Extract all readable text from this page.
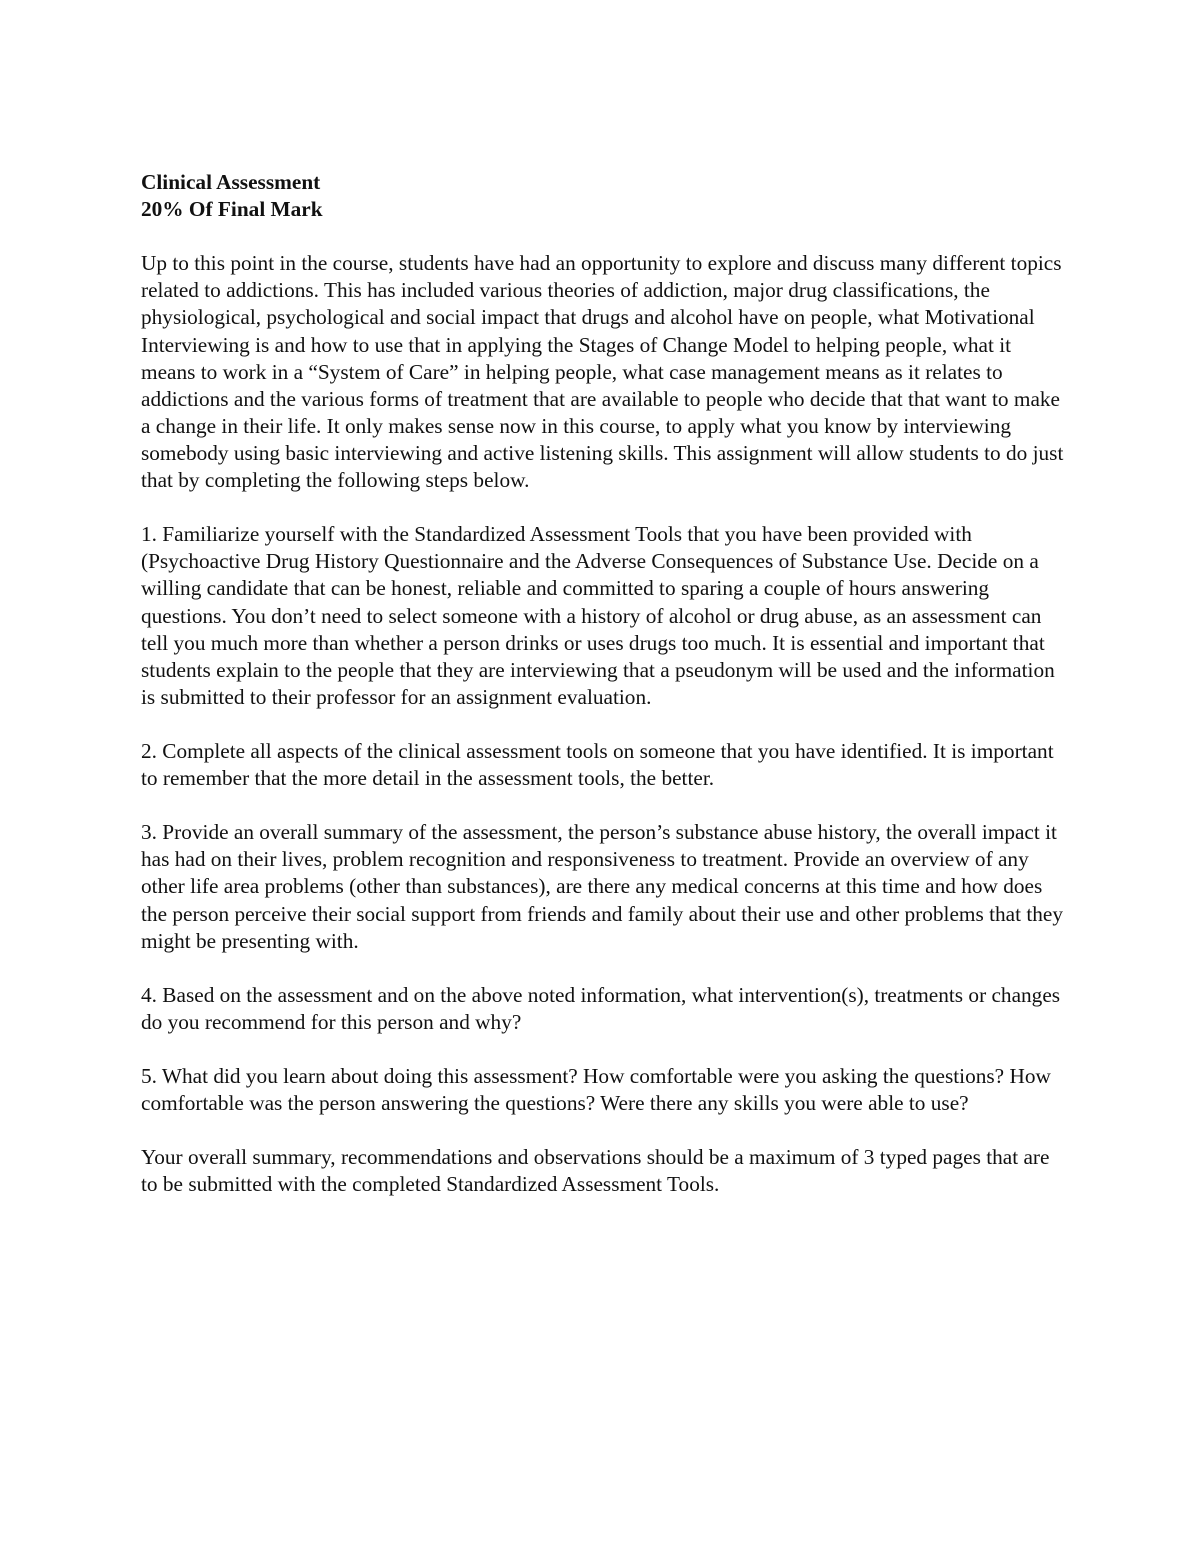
Clinical Assessment
20% Of Final Mark

Up to this point in the course, students have had an opportunity to explore and discuss many different topics related to addictions. This has included various theories of addiction, major drug classifications, the physiological, psychological and social impact that drugs and alcohol have on people, what Motivational Interviewing is and how to use that in applying the Stages of Change Model to helping people, what it means to work in a “System of Care” in helping people, what case management means as it relates to addictions and the various forms of treatment that are available to people who decide that that want to make a change in their life. It only makes sense now in this course, to apply what you know by interviewing somebody using basic interviewing and active listening skills. This assignment will allow students to do just that by completing the following steps below.

1. Familiarize yourself with the Standardized Assessment Tools that you have been provided with (Psychoactive Drug History Questionnaire and the Adverse Consequences of Substance Use. Decide on a willing candidate that can be honest, reliable and committed to sparing a couple of hours answering questions. You don’t need to select someone with a history of alcohol or drug abuse, as an assessment can tell you much more than whether a person drinks or uses drugs too much. It is essential and important that students explain to the people that they are interviewing that a pseudonym will be used and the information is submitted to their professor for an assignment evaluation.

2. Complete all aspects of the clinical assessment tools on someone that you have identified. It is important to remember that the more detail in the assessment tools, the better.

3. Provide an overall summary of the assessment, the person’s substance abuse history, the overall impact it has had on their lives, problem recognition and responsiveness to treatment. Provide an overview of any other life area problems (other than substances), are there any medical concerns at this time and how does the person perceive their social support from friends and family about their use and other problems that they might be presenting with.

4. Based on the assessment and on the above noted information, what intervention(s), treatments or changes do you recommend for this person and why?

5. What did you learn about doing this assessment? How comfortable were you asking the questions? How comfortable was the person answering the questions? Were there any skills you were able to use?

Your overall summary, recommendations and observations should be a maximum of 3 typed pages that are to be submitted with the completed Standardized Assessment Tools.
